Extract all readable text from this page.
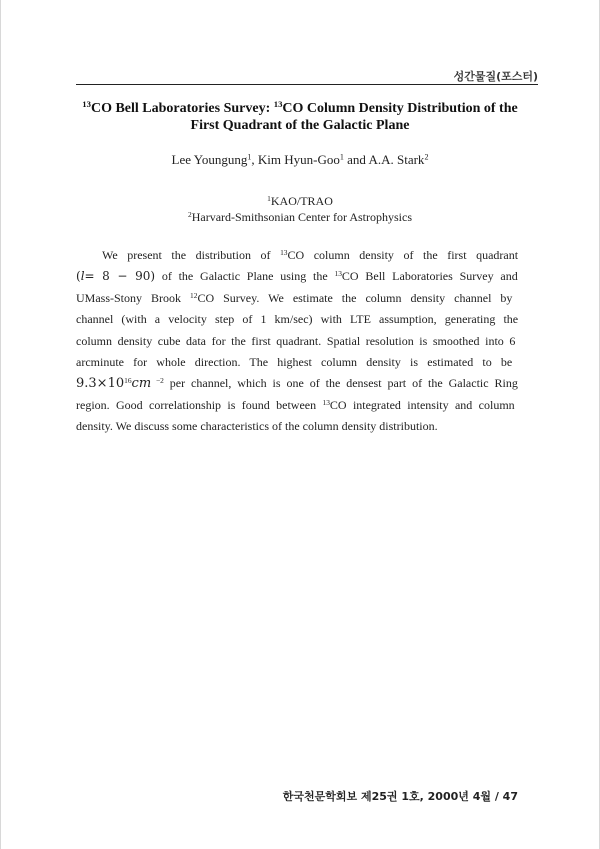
성간물질(포스터)
$^{13}$CO Bell Laboratories Survey: $^{13}$CO Column Density Distribution of the
First Quadrant of the Galactic Plane
Lee Youngung$^1$, Kim Hyun-Goo$^1$ and A.A. Stark$^2$
$^1$KAO/TRAO
$^2$Harvard-Smithsonian Center for Astrophysics
We present the distribution of $^{13}$CO column density of the first quadrant
(l= 8 − 90) of the Galactic Plane using the $^{13}$CO Bell Laboratories Survey and
UMass-Stony Brook $^{12}$CO Survey. We estimate the column density channel by
channel (with a velocity step of 1 km/sec) with LTE assumption, generating the
column density cube data for the first quadrant. Spatial resolution is smoothed into 6
arcminute for whole direction. The highest column density is estimated to be
$9.3\times 10^{16}cm$ $^{-2}$ per channel, which is one of the densest part of the Galactic Ring
region. Good correlationship is found between $^{13}$CO integrated intensity and column
density. We discuss some characteristics of the column density distribution.
한국천문학회보 제25권 1호, 2000년 4월 / 47
